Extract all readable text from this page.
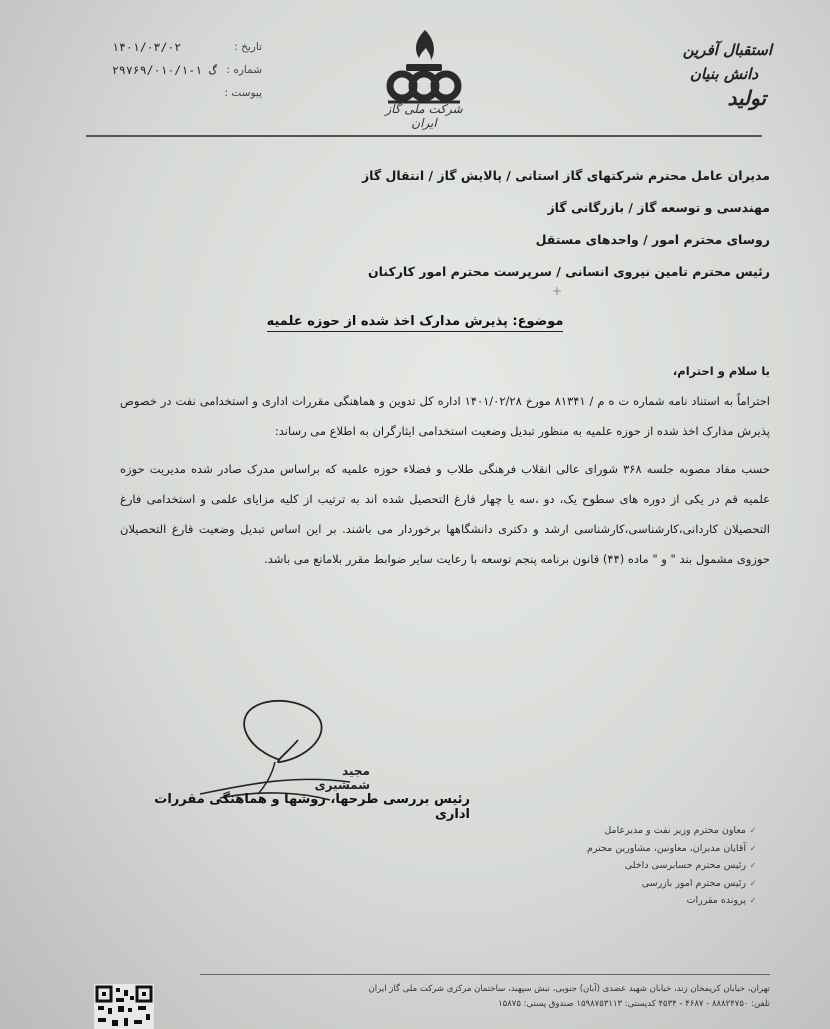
تاریخ :
۱۴۰۱/۰۳/۰۲
شماره :
گ ۱-۲۹۷۶۹/۰۱۰/۱
پیوست :
شرکت ملی گاز ایران
استقبال آفرین
دانش بنیان
تولید
مدیران عامل محترم شرکتهای گاز استانی / پالایش گاز / انتقال گاز
مهندسی و توسعه گاز / بازرگانی گاز
روسای محترم امور / واحدهای مستقل
رئیس محترم تامین نیروی انسانی / سرپرست محترم امور کارکنان
+
موضوع: پذیرش مدارک اخذ شده از حوزه علمیه

با سلام و احترام،

احتراماً به استناد نامه شماره ت ه م / ۸۱۳۴۱ مورخ ۱۴۰۱/۰۲/۲۸ اداره کل تدوین و هماهنگی مقررات اداری و استخدامی نفت در خصوص پذیرش مدارک اخذ شده از حوزه علمیه به منظور تبدیل وضعیت استخدامی ایثارگران به اطلاع می رساند:

حسب مفاد مصوبه جلسه ۳۶۸ شورای عالی انقلاب فرهنگی طلاب و فضلاء حوزه علمیه که براساس مدرک صادر شده مدیریت حوزه علمیه قم در یکی از دوره های سطوح یک، دو ،سه یا چهار فارغ التحصیل شده اند به ترتیب از کلیه مزایای علمی و استخدامی فارغ التحصیلان کاردانی،کارشناسی،کارشناسی ارشد و دکتری دانشگاهها برخوردار می باشند. بر این اساس تبدیل وضعیت فارغ التحصیلان حوزوی مشمول بند " و " ماده (۴۴) قانون برنامه پنجم توسعه با رعایت سایر ضوابط مقرر بلامانع می باشد.

مجید شمشیری
رئیس بررسی طرحها، روشها و هماهنگی مقررات اداری
✓
معاون محترم وزیر نفت و مدیرعامل
✓
آقایان مدیران، معاونین، مشاورین محترم
✓
رئیس محترم حسابرسی داخلی
✓
رئیس محترم امور بازرسی
✓
پرونده مقررات
تهران، خیابان کریمخان زند، خیابان شهید عضدی (آبان) جنوبی، نبش سپهبد، ساختمان مرکزی شرکت ملی گاز ایران
تلفن: ۸۸۸۲۴۷۵۰ - ۴۶۸۷ - ۴۵۳۴ کدپستی: ۱۵۹۸۷۵۳۱۱۳ صندوق پستی: ۱۵۸۷۵
